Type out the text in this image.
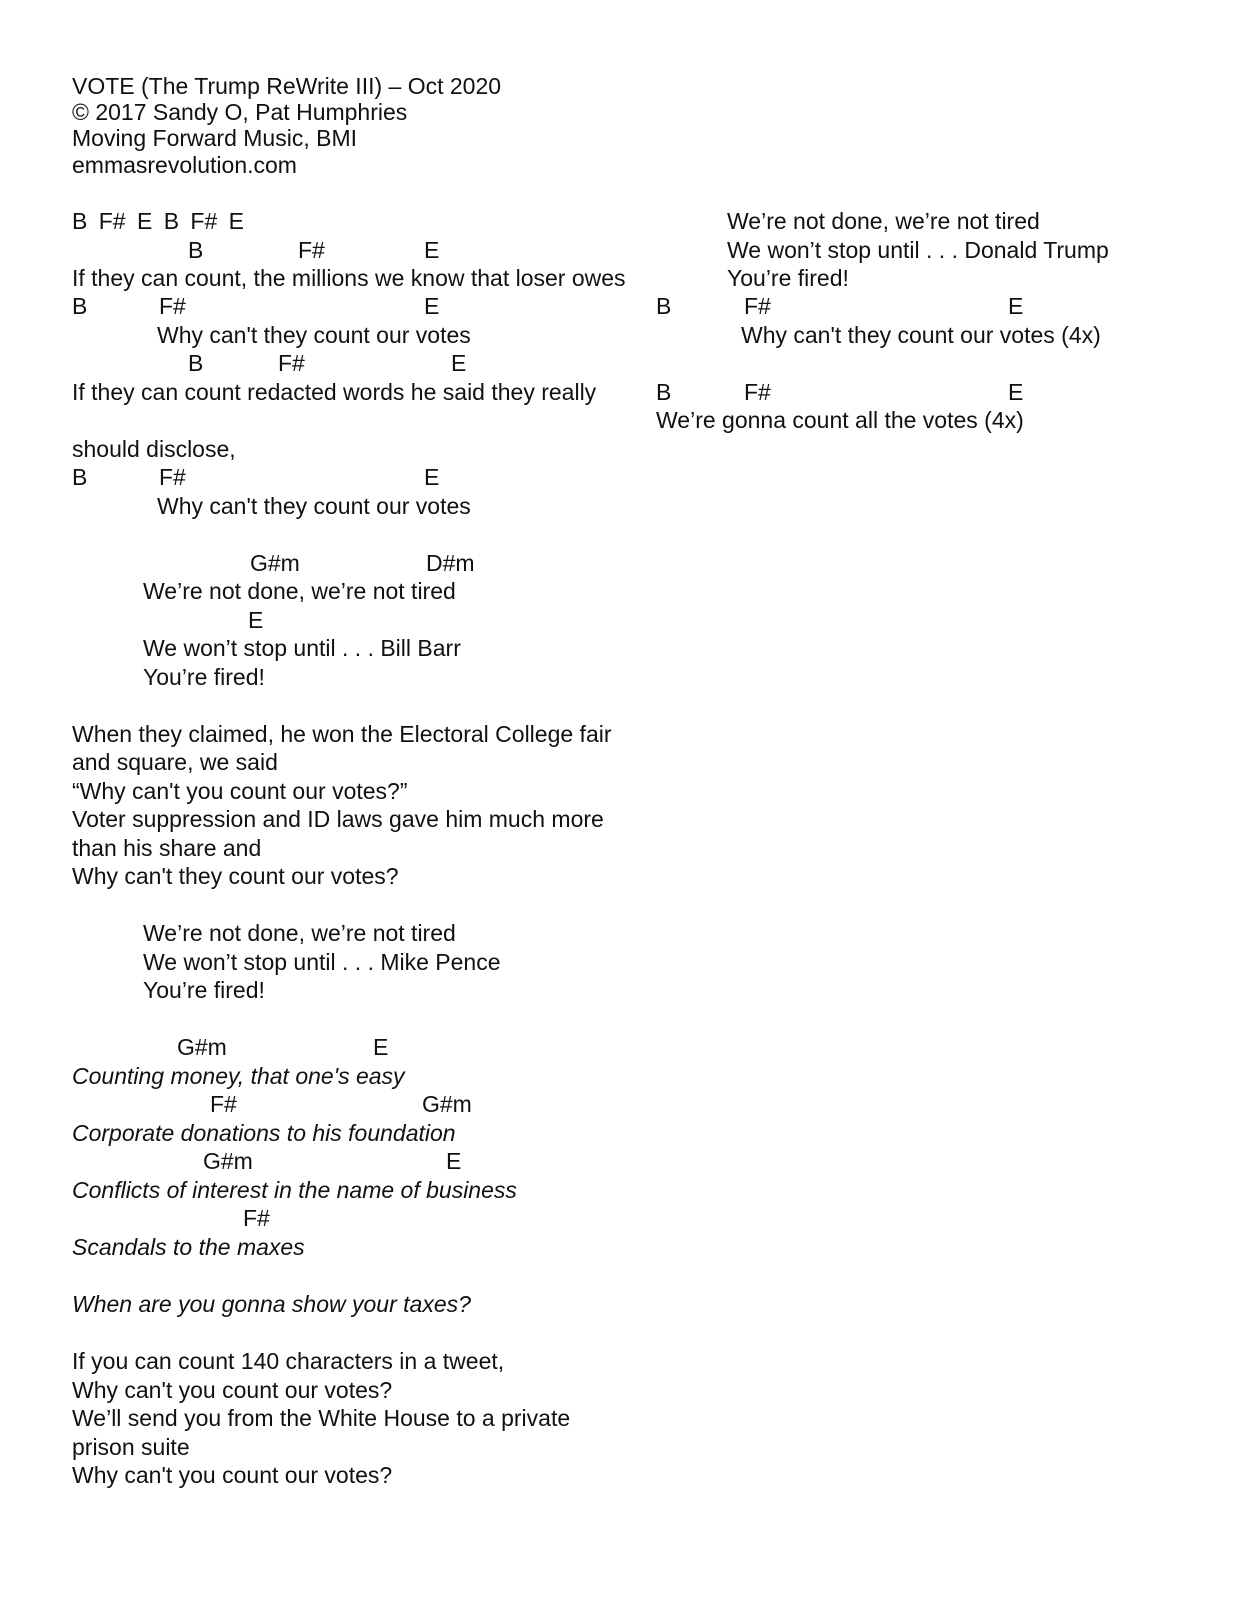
VOTE (The Trump ReWrite III) – Oct 2020
© 2017 Sandy O, Pat Humphries
Moving Forward Music, BMI
emmasrevolution.com
B F# E B F# E
B	F#	E
If they can count, the millions we know that loser owes
B	F#	E
Why can't they count our votes
B	F#	E
If they can count redacted words he said they really
should disclose,
B	F#	E
Why can't they count our votes
G#m	D#m
We’re not done, we’re not tired
E
We won’t stop until . . . Bill Barr
You’re fired!
When they claimed, he won the Electoral College fair
and square, we said
“Why can't you count our votes?”
Voter suppression and ID laws gave him much more
than his share and
Why can't they count our votes?
We’re not done, we’re not tired
We won’t stop until . . . Mike Pence
You’re fired!
G#m	E
Counting money, that one's easy
F#	G#m
Corporate donations to his foundation
G#m	E
Conflicts of interest in the name of business
F#
Scandals to the maxes
When are you gonna show your taxes?
If you can count 140 characters in a tweet,
Why can't you count our votes?
We’ll send you from the White House to a private
prison suite
Why can't you count our votes?
We’re not done, we’re not tired
We won’t stop until . . . Donald Trump
You’re fired!
B	F#	E
Why can't they count our votes (4x)
B	F#	E
We’re gonna count all the votes (4x)
